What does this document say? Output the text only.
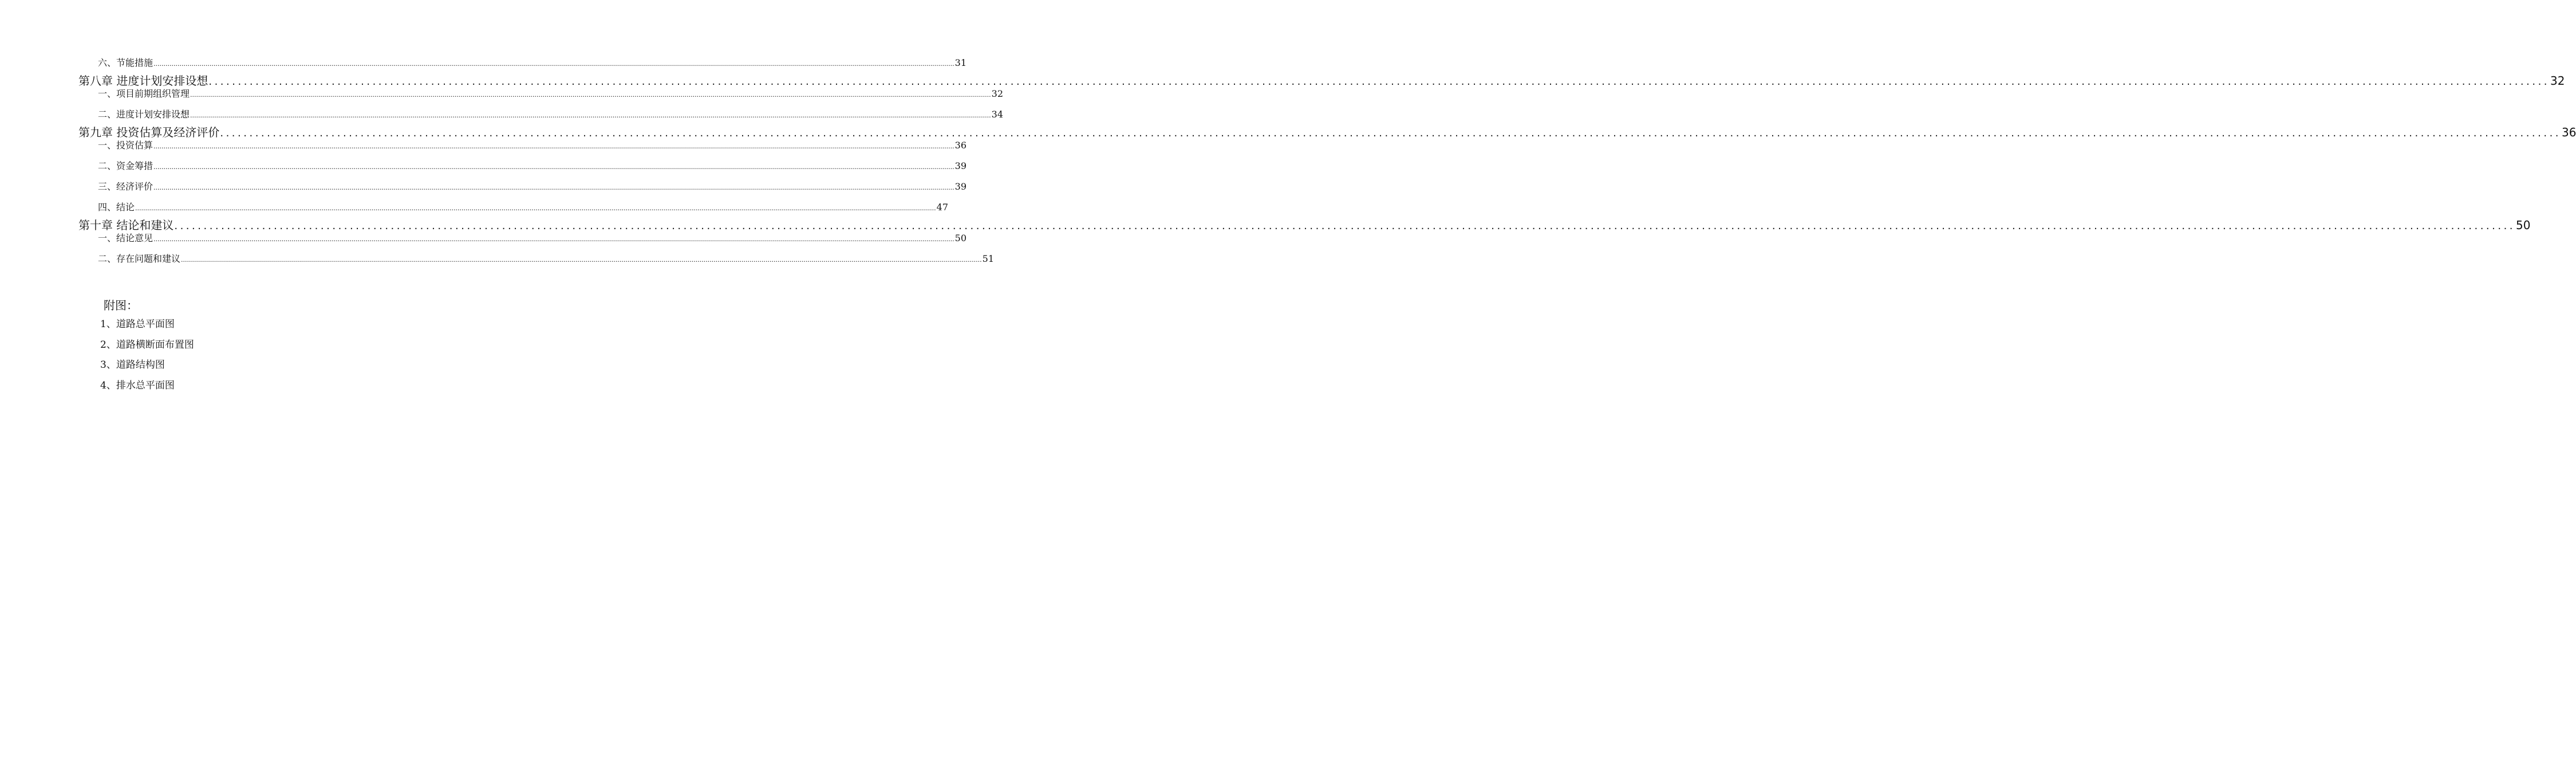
六、节能措施 ................................................................................................................................................................................................................................................................................................................................................................................................................ 31
第八章 进度计划安排设想 ................................................................................................................................................................................................................................................................................................................................................................................................................ 32
一、项目前期组织管理 ................................................................................................................................................................................................................................................................................................................................................................................................................ 32
二、进度计划安排设想 ................................................................................................................................................................................................................................................................................................................................................................................................................ 34
第九章 投资估算及经济评价 ................................................................................................................................................................................................................................................................................................................................................................................................................ 36
一、投资估算 ................................................................................................................................................................................................................................................................................................................................................................................................................ 36
二、资金筹措 ................................................................................................................................................................................................................................................................................................................................................................................................................ 39
三、经济评价 ................................................................................................................................................................................................................................................................................................................................................................................................................ 39
四、结论 ................................................................................................................................................................................................................................................................................................................................................................................................................ 47
第十章 结论和建议 ................................................................................................................................................................................................................................................................................................................................................................................................................ 50
一、结论意见 ................................................................................................................................................................................................................................................................................................................................................................................................................ 50
二、存在问题和建议 ................................................................................................................................................................................................................................................................................................................................................................................................................ 51
附图：
1、道路总平面图
2、道路横断面布置图
3、道路结构图
4、排水总平面图
